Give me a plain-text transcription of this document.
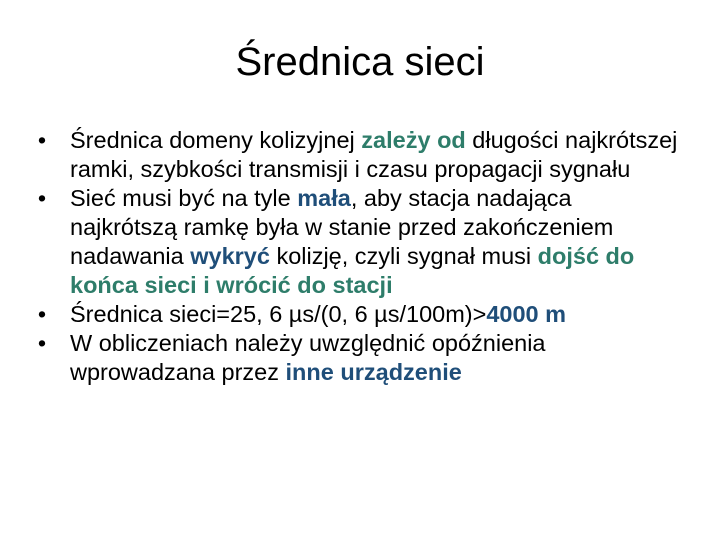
Średnica sieci
• Średnica domeny kolizyjnej zależy od długości najkrótszej ramki, szybkości transmisji i czasu propagacji sygnału
• Sieć musi być na tyle mała, aby stacja nadająca najkrótszą ramkę była w stanie przed zakończeniem nadawania wykryć kolizję, czyli sygnał musi dojść do końca sieci i wrócić do stacji
• Średnica sieci=25, 6 µs/(0, 6 µs/100m)>4000 m
• W obliczeniach należy uwzględnić opóźnienia wprowadzana przez inne urządzenie
